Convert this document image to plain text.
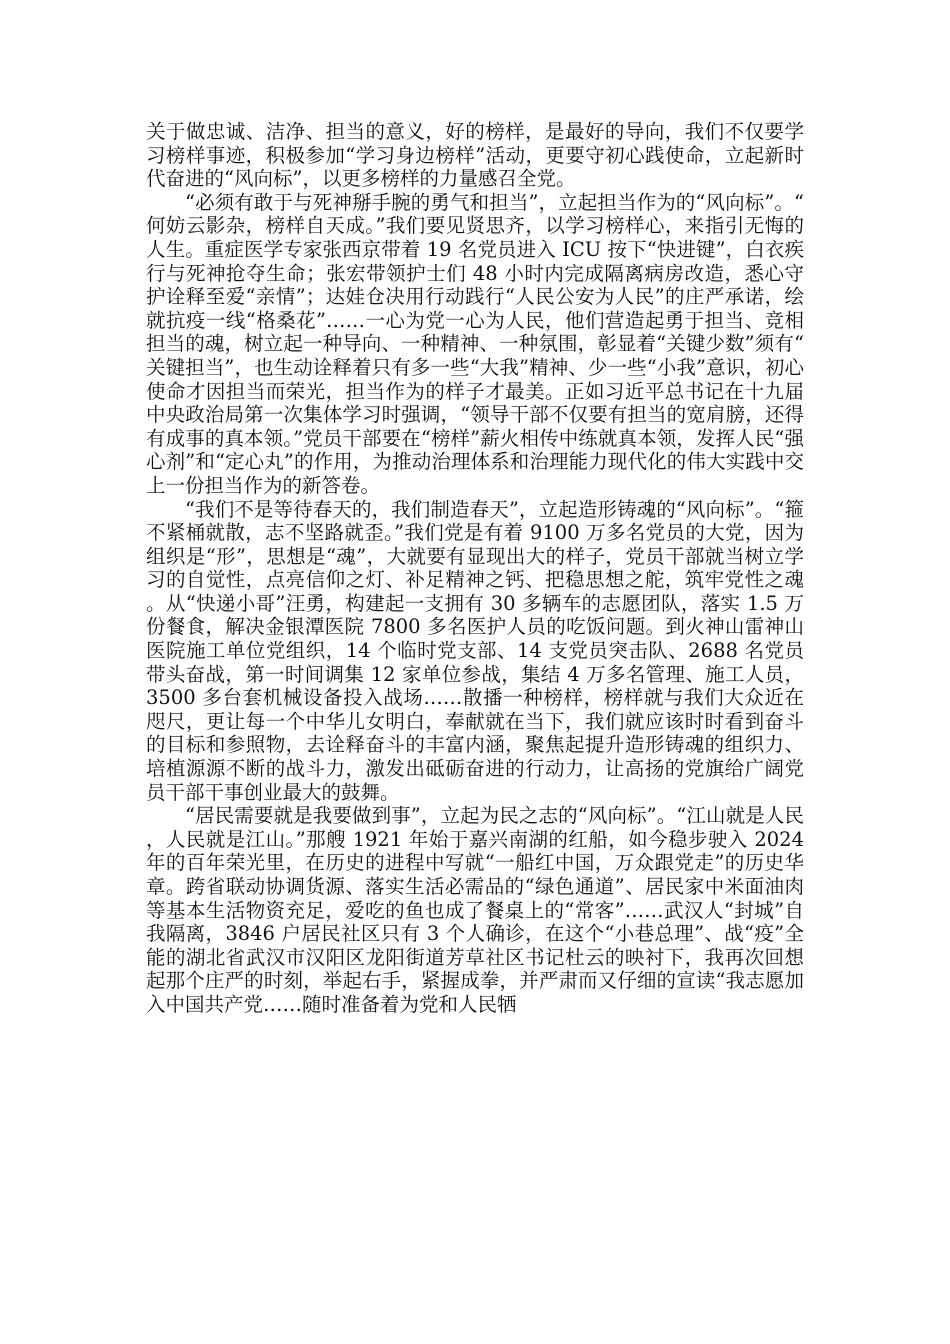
关于做忠诚、洁净、担当的意义，好的榜样，是最好的导向，我们不仅要学习榜样事迹，积极参加“学习身边榜样”活动，更要守初心践使命，立起新时代奋进的“风向标”，以更多榜样的力量感召全党。

“必须有敢于与死神掰手腕的勇气和担当”，立起担当作为的“风向标”。“何妨云影杂，榜样自天成。”我们要见贤思齐，以学习榜样心，来指引无悔的人生。重症医学专家张西京带着 19 名党员进入 ICU 按下“快进键”，白衣疾行与死神抢夺生命；张宏带领护士们 48 小时内完成隔离病房改造，悉心守护诠释至爱“亲情”；达娃仓决用行动践行“人民公安为人民”的庄严承诺，绘就抗疫一线“格桑花”……一心为党一心为人民，他们营造起勇于担当、竞相担当的魂，树立起一种导向、一种精神、一种氛围，彰显着“关键少数”须有“关键担当”，也生动诠释着只有多一些“大我”精神、少一些“小我”意识，初心使命才因担当而荣光，担当作为的样子才最美。正如习近平总书记在十九届中央政治局第一次集体学习时强调，“领导干部不仅要有担当的宽肩膀，还得有成事的真本领。”党员干部要在“榜样”薪火相传中练就真本领，发挥人民“强心剂”和“定心丸”的作用，为推动治理体系和治理能力现代化的伟大实践中交上一份担当作为的新答卷。

“我们不是等待春天的，我们制造春天”，立起造形铸魂的“风向标”。“箍不紧桶就散，志不坚路就歪。”我们党是有着 9100 万多名党员的大党，因为组织是“形”，思想是“魂”，大就要有显现出大的样子，党员干部就当树立学习的自觉性，点亮信仰之灯、补足精神之钙、把稳思想之舵，筑牢党性之魂。从“快递小哥”汪勇，构建起一支拥有 30 多辆车的志愿团队，落实 1.5 万份餐食，解决金银潭医院 7800 多名医护人员的吃饭问题。到火神山雷神山医院施工单位党组织，14 个临时党支部、14 支党员突击队、2688 名党员带头奋战，第一时间调集 12 家单位参战，集结 4 万多名管理、施工人员，3500 多台套机械设备投入战场……散播一种榜样，榜样就与我们大众近在咫尺，更让每一个中华儿女明白，奉献就在当下，我们就应该时时看到奋斗的目标和参照物，去诠释奋斗的丰富内涵，聚焦起提升造形铸魂的组织力、培植源源不断的战斗力，激发出砥砺奋进的行动力，让高扬的党旗给广阔党员干部干事创业最大的鼓舞。

“居民需要就是我要做到事”，立起为民之志的“风向标”。“江山就是人民，人民就是江山。”那艘 1921 年始于嘉兴南湖的红船，如今稳步驶入 2024 年的百年荣光里，在历史的进程中写就“一船红中国，万众跟党走”的历史华章。跨省联动协调货源、落实生活必需品的“绿色通道”、居民家中米面油肉等基本生活物资充足，爱吃的鱼也成了餐桌上的“常客”……武汉人“封城”自我隔离，3846 户居民社区只有 3 个人确诊，在这个“小巷总理”、战“疫”全能的湖北省武汉市汉阳区龙阳街道芳草社区书记杜云的映衬下，我再次回想起那个庄严的时刻，举起右手，紧握成拳，并严肃而又仔细的宣读“我志愿加入中国共产党……随时准备着为党和人民牺
